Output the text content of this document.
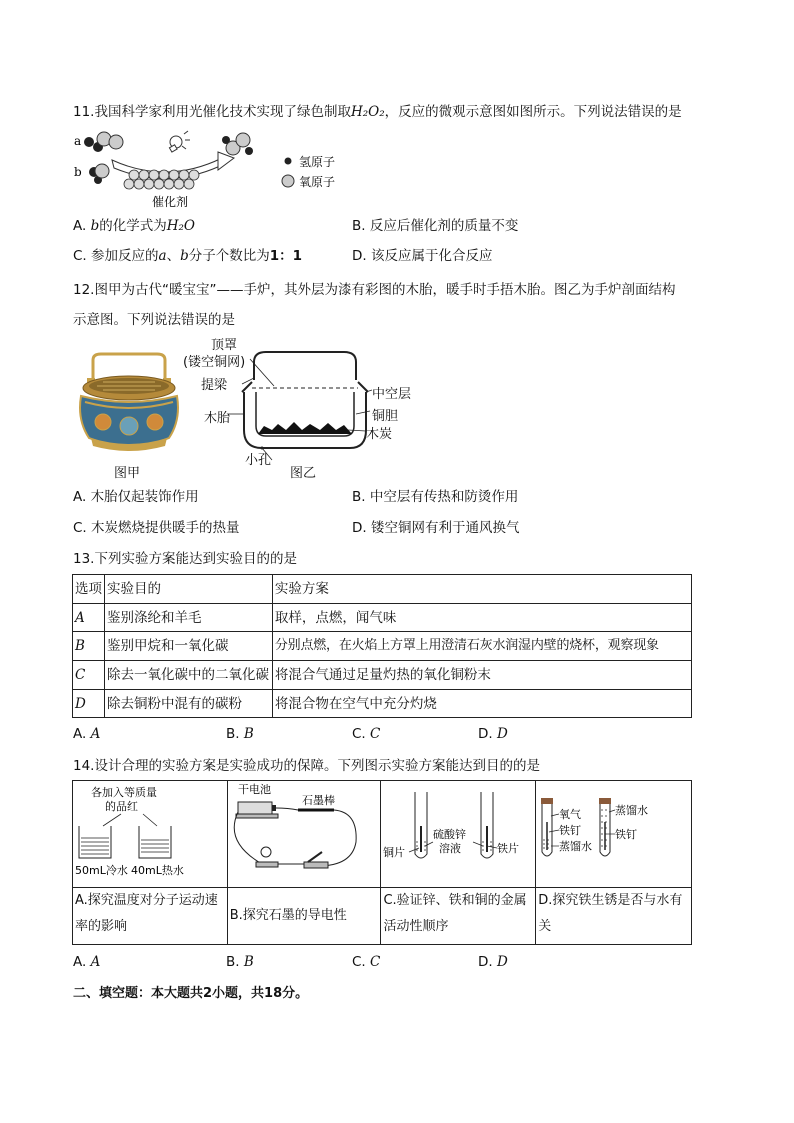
11.我国科学家利用光催化技术实现了绿色制取H₂O₂，反应的微观示意图如图所示。下列说法错误的是
a
b
催化剂
氢原子
氧原子
A. b的化学式为H₂O	B. 反应后催化剂的质量不变
C. 参加反应的a、b分子个数比为1：1	D. 该反应属于化合反应
12.图甲为古代“暖宝宝”——手炉，其外层为漆有彩图的木胎，暖手时手捂木胎。图乙为手炉剖面结构
示意图。下列说法错误的是
顶罩
(镂空铜网)
提梁
木胎
中空层
铜胆
木炭
小孔
图甲	图乙
A. 木胎仅起装饰作用	B. 中空层有传热和防烫作用
C. 木炭燃烧提供暖手的热量	D. 镂空铜网有利于通风换气
13.下列实验方案能达到实验目的的是
选项	实验目的	实验方案
A	鉴别涤纶和羊毛	取样，点燃，闻气味
B	鉴别甲烷和一氧化碳	分别点燃，在火焰上方罩上用澄清石灰水润湿内壁的烧杯，观察现象
C	除去一氧化碳中的二氧化碳	将混合气通过足量灼热的氧化铜粉末
D	除去铜粉中混有的碳粉	将混合物在空气中充分灼烧
A. A	B. B	C. C	D. D
14.设计合理的实验方案是实验成功的保障。下列图示实验方案能达到目的的是

A.探究温度对分子运动速
率的影响	B.探究石墨的导电性	C.验证锌、铁和铜的金属
活动性顺序	D.探究铁生锈是否与水有
关
各加入等质量
的品红
50mL冷水 40mL热水
干电池
石墨棒
硫酸锌
溶液
铜片	铁片
氧气
铁钉
蒸馏水
蒸馏水
铁钉
A. A	B. B	C. C	D. D
二、填空题：本大题共2小题，共18分。
